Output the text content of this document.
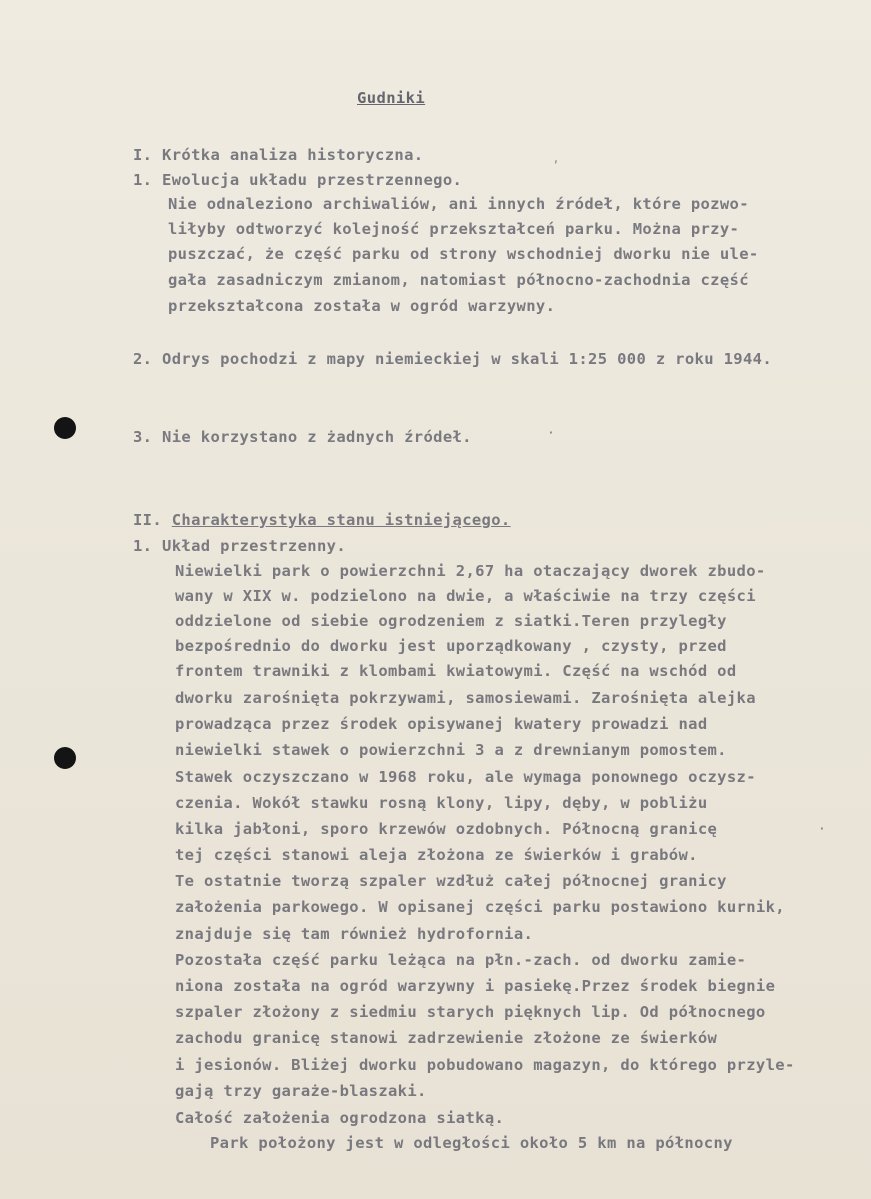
Gudniki
I. Krótka analiza historyczna.
1. Ewolucja układu przestrzennego.
Nie odnaleziono archiwaliów, ani innych źródeł, które pozwo-
liłyby odtworzyć kolejność przekształceń parku. Można przy-
puszczać, że część parku od strony wschodniej dworku nie ule-
gała zasadniczym zmianom, natomiast północno-zachodnia część
przekształcona została w ogród warzywny.
2. Odrys pochodzi z mapy niemieckiej w skali 1:25 000 z roku 1944.
3. Nie korzystano z żadnych źródeł.
II. Charakterystyka stanu istniejącego.
1. Układ przestrzenny.
Niewielki park o powierzchni 2,67 ha otaczający dworek zbudo-
wany w XIX w. podzielono na dwie, a właściwie na trzy części
oddzielone od siebie ogrodzeniem z siatki.Teren przyległy
bezpośrednio do dworku jest uporządkowany , czysty, przed
frontem trawniki z klombami kwiatowymi. Część na wschód od
dworku zarośnięta pokrzywami, samosiewami. Zarośnięta alejka
prowadząca przez środek opisywanej kwatery prowadzi nad
niewielki stawek o powierzchni 3 a z drewnianym pomostem.
Stawek oczyszczano w 1968 roku, ale wymaga ponownego oczysz-
czenia. Wokół stawku rosną klony, lipy, dęby, w pobliżu
kilka jabłoni, sporo krzewów ozdobnych. Północną granicę
tej części stanowi aleja złożona ze świerków i grabów.
Te ostatnie tworzą szpaler wzdłuż całej północnej granicy
założenia parkowego. W opisanej części parku postawiono kurnik,
znajduje się tam również hydrofornia.
Pozostała część parku leżąca na płn.-zach. od dworku zamie-
niona została na ogród warzywny i pasiekę.Przez środek biegnie
szpaler złożony z siedmiu starych pięknych lip. Od północnego
zachodu granicę stanowi zadrzewienie złożone ze świerków
i jesionów. Bliżej dworku pobudowano magazyn, do którego przyle-
gają trzy garaże-blaszaki.
Całość założenia ogrodzona siatką.
Park położony jest w odległości około 5 km na północny
ʹ
·
·
